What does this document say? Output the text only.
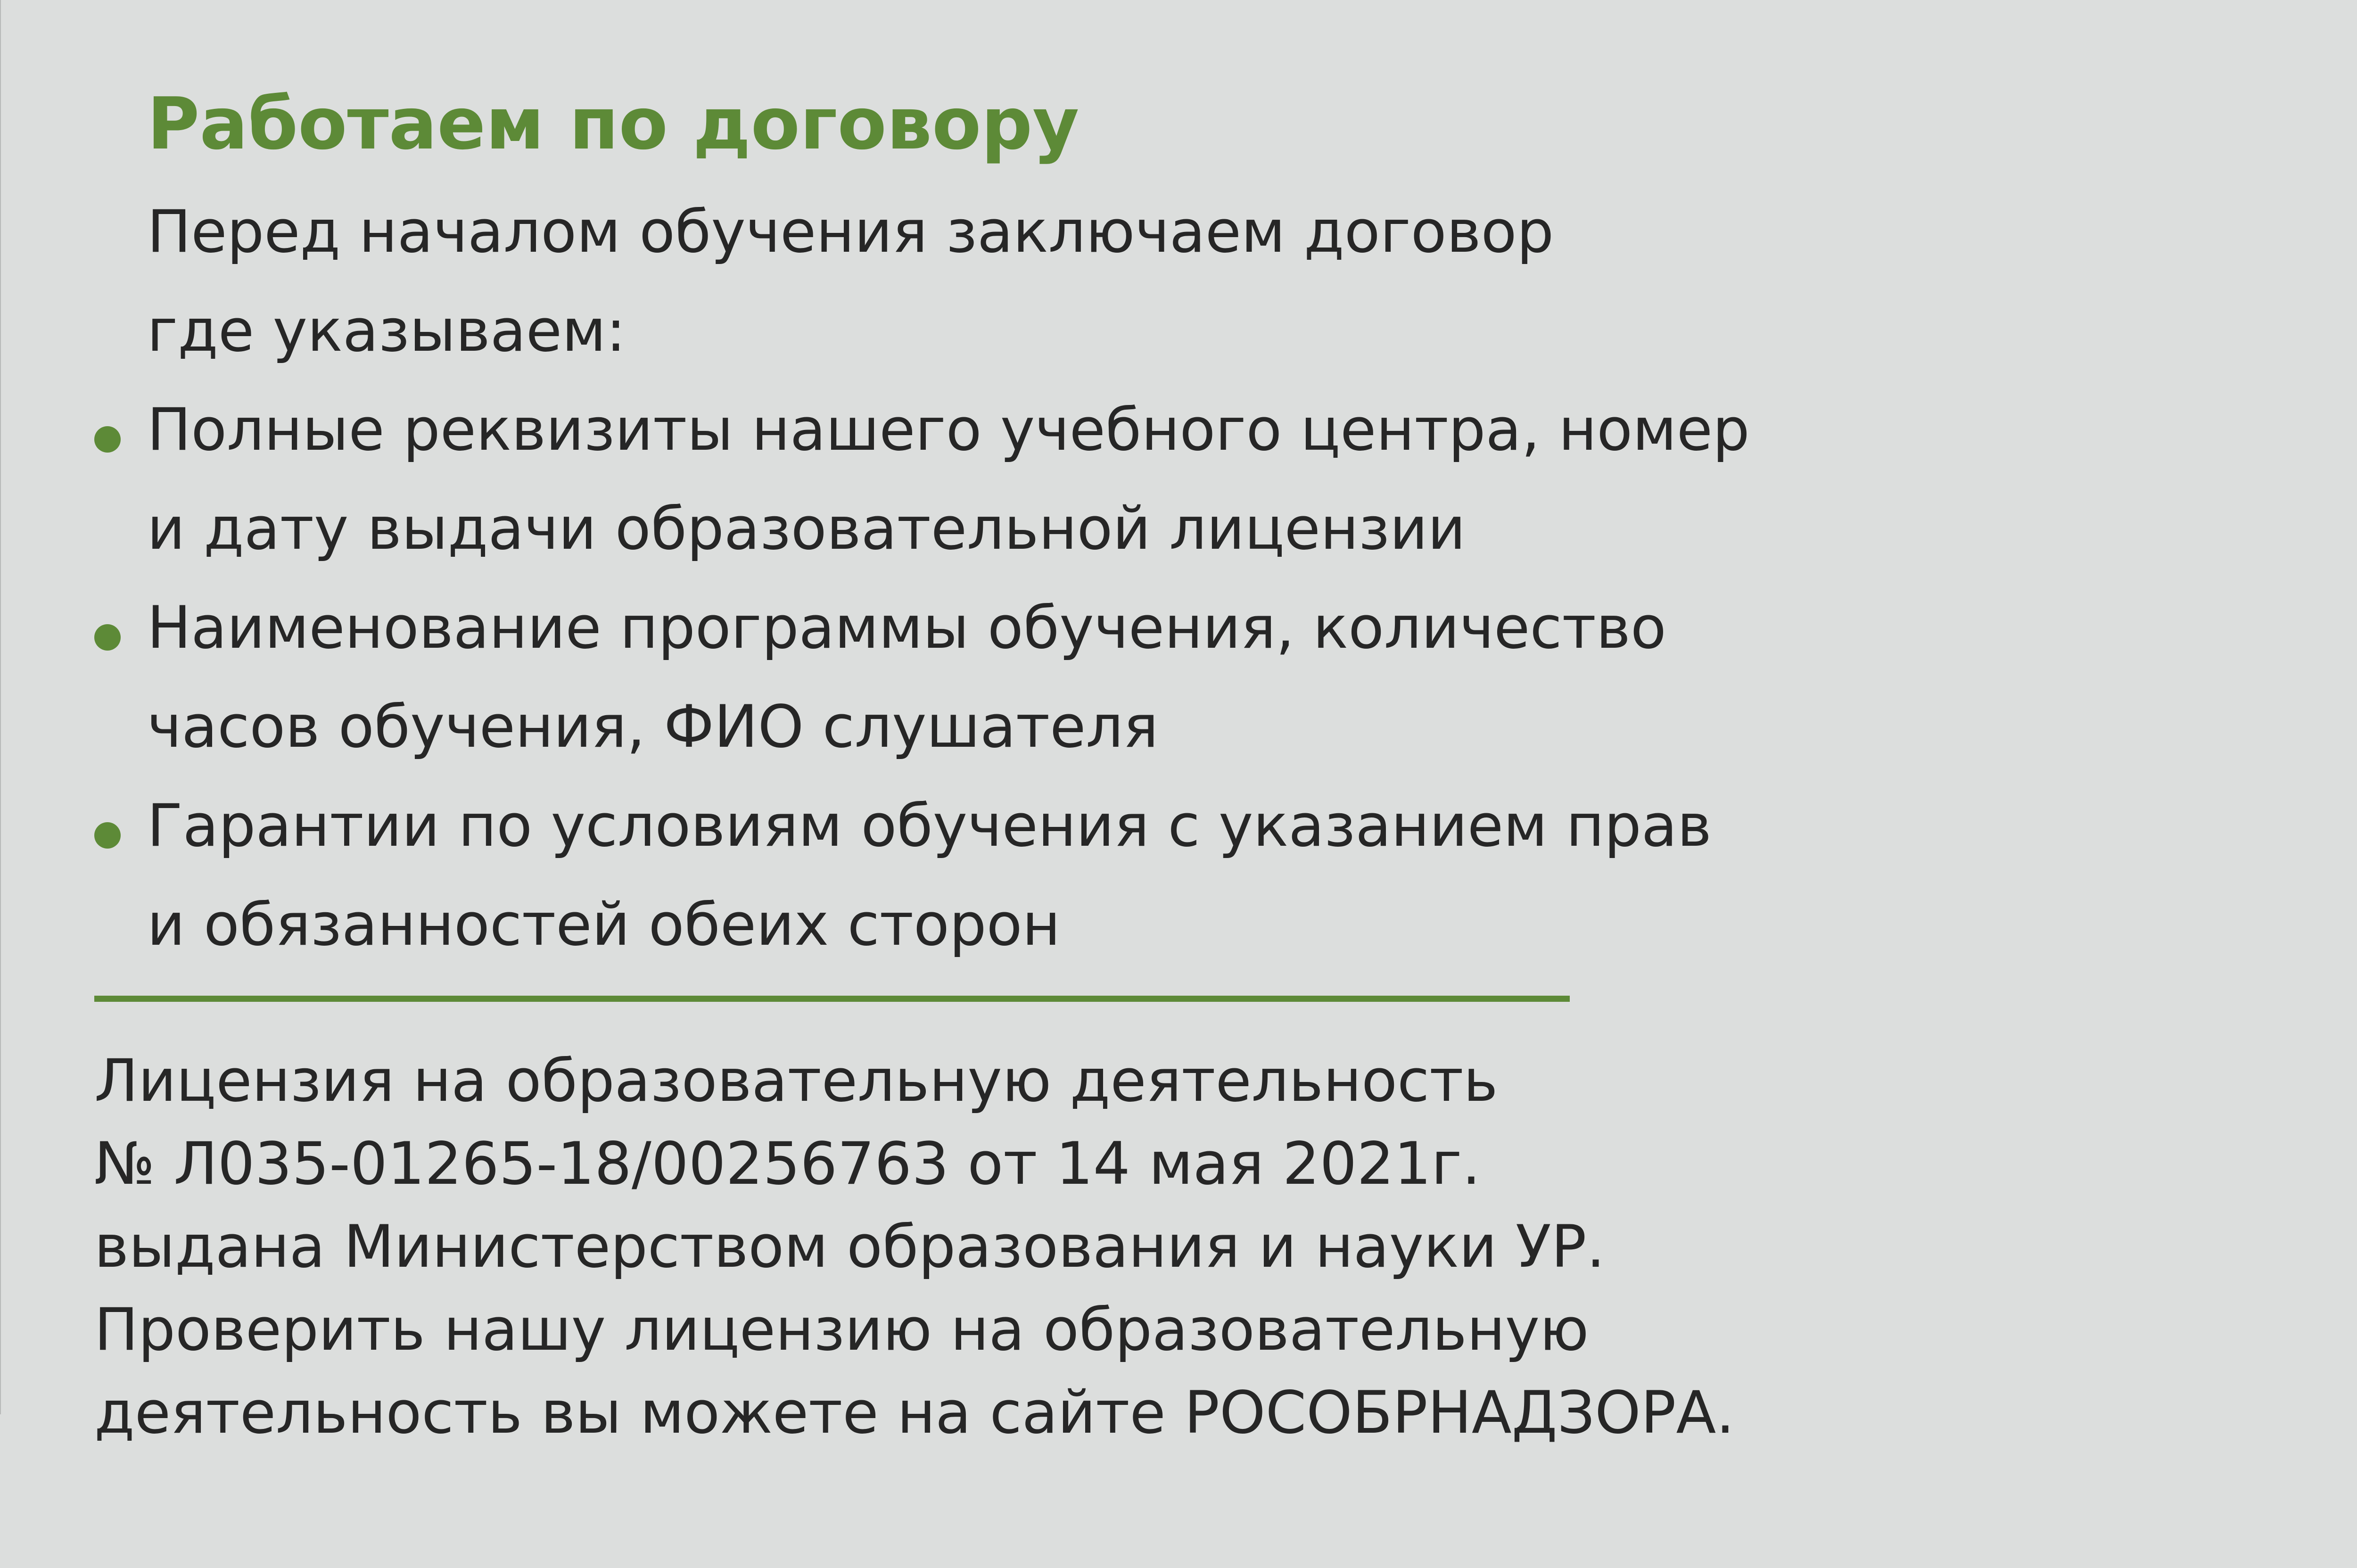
Работаем по договору
Перед началом обучения заключаем договор
где указываем:
Полные реквизиты нашего учебного центра, номер
и дату выдачи образовательной лицензии
Наименование программы обучения, количество
часов обучения, ФИО слушателя
Гарантии по условиям обучения с указанием прав
и обязанностей обеих сторон
Лицензия на образовательную деятельность
№ Л035-01265-18/00256763 от 14 мая 2021г.
выдана Министерством образования и науки УР.
Проверить нашу лицензию на образовательную
деятельность вы можете на сайте РОСОБРНАДЗОРА.
